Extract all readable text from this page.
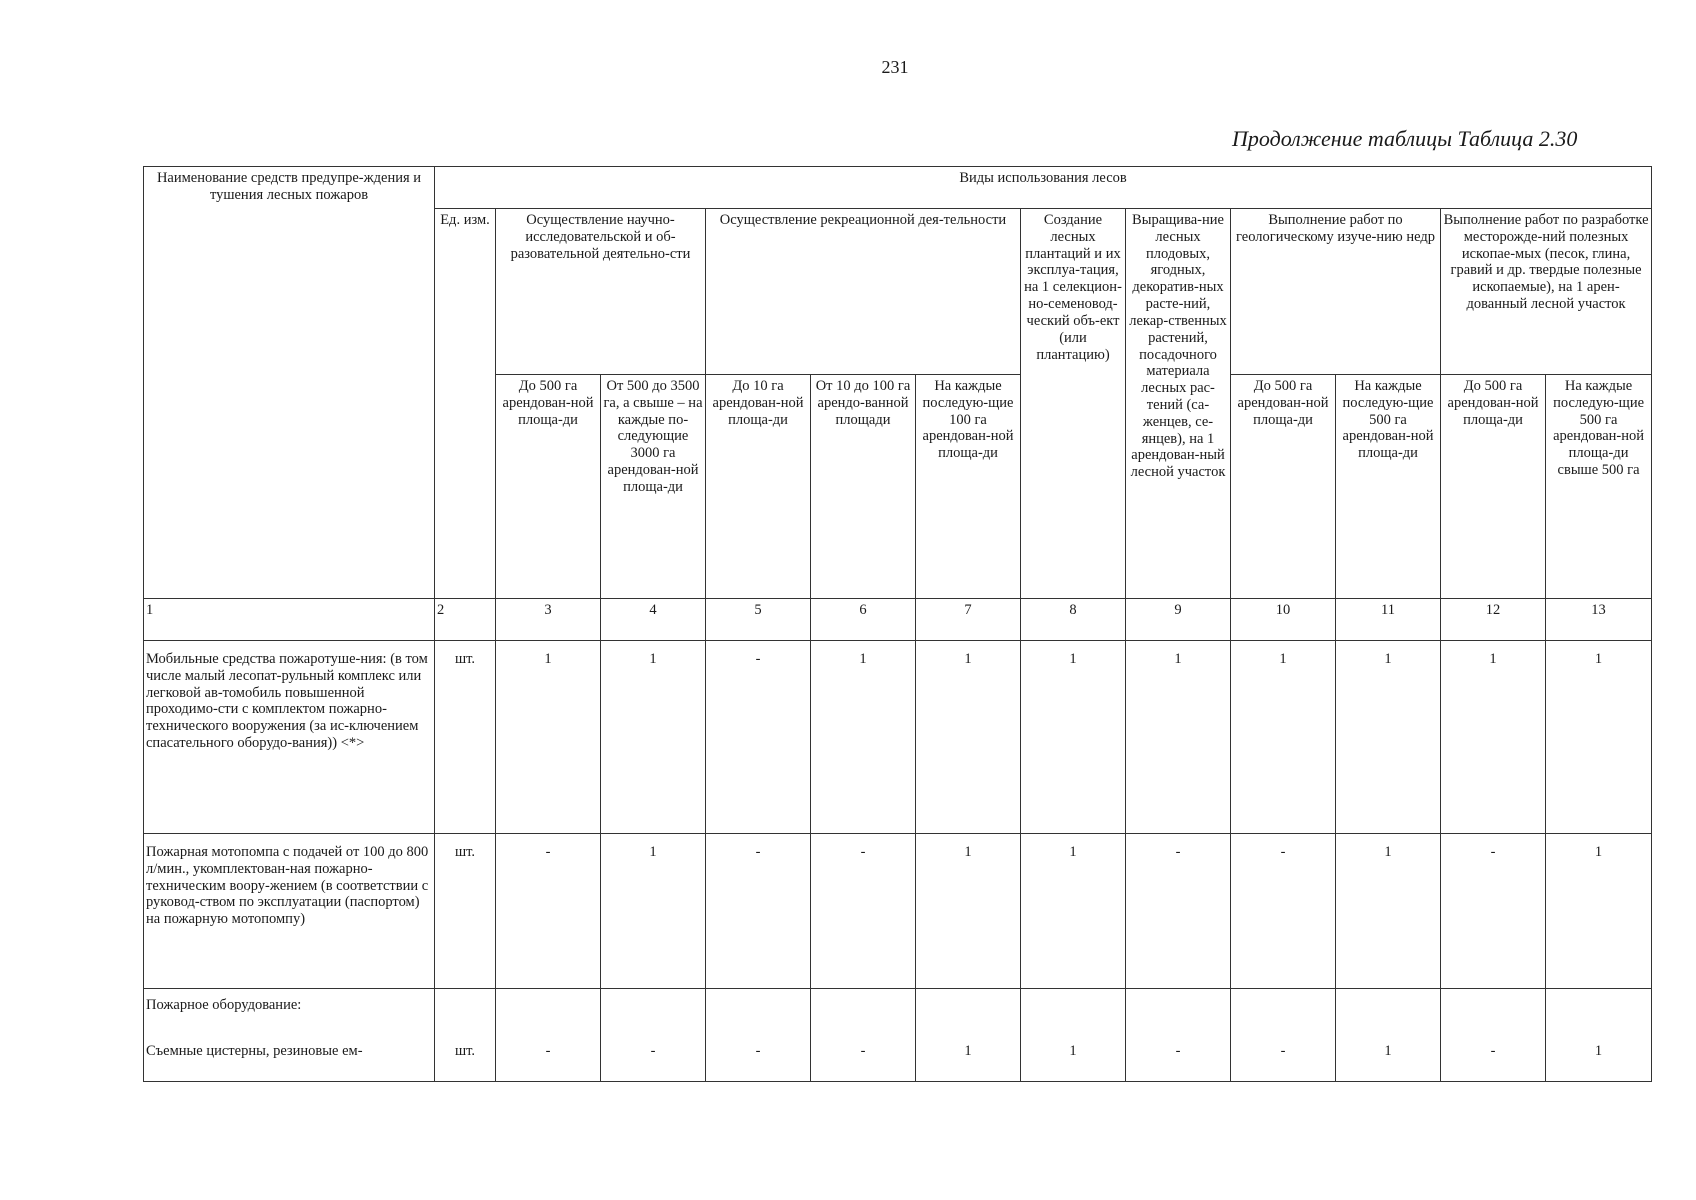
231
Продолжение таблицы Таблица 2.30
Наименование средств предупре-ждения и тушения лесных пожаров	Виды использования лесов											
	Ед. изм.	Осуществление научно-исследовательской и об-разовательной деятельно-сти		Осуществление рекреационной дея-тельности			Создание лесных плантаций и их эксплуа-тация, на 1 селекцион-но-семеновод-ческий объ-ект (или плантацию)	Выращива-ние лесных плодовых, ягодных, декоратив-ных расте-ний, лекар-ственных растений, посадочного материала лесных рас-тений (са-женцев, се-янцев), на 1 арендован-ный лесной участок	Выполнение работ по геологическому изуче-нию недр		Выполнение работ по разработке месторожде-ний полезных ископае-мых (песок, глина, гравий и др. твердые полезные ископаемые), на 1 арен-дованный лесной участок	
		До 500 га арендован-ной площа-ди	От 500 до 3500 га, а свыше – на каждые по-следующие 3000 га арендован-ной площа-ди	До 10 га арендован-ной площа-ди	От 10 до 100 га арендо-ванной площади	На каждые последую-щие 100 га арендован-ной площа-ди			До 500 га арендован-ной площа-ди	На каждые последую-щие 500 га арендован-ной площа-ди	До 500 га арендован-ной площа-ди	На каждые последую-щие 500 га арендован-ной площа-ди свыше 500 га
1	2	3	4	5	6	7	8	9	10	11	12	13
Мобильные средства пожаротуше-ния: (в том числе малый лесопат-рульный комплекс или легковой ав-томобиль повышенной проходимо-сти с комплектом пожарно-технического вооружения (за ис-ключением спасательного оборудо-вания)) <*>	шт.	1	1	-	1	1	1	1	1	1	1	1
Пожарная мотопомпа с подачей от 100 до 800 л/мин., укомплектован-ная пожарно-техническим воору-жением (в соответствии с руковод-ством по эксплуатации (паспортом) на пожарную мотопомпу)	шт.	-	1	-	-	1	1	-	-	1	-	1
Пожарное оборудование:												
Съемные цистерны, резиновые ем-	шт.	-	-	-	-	1	1	-	-	1	-	1
